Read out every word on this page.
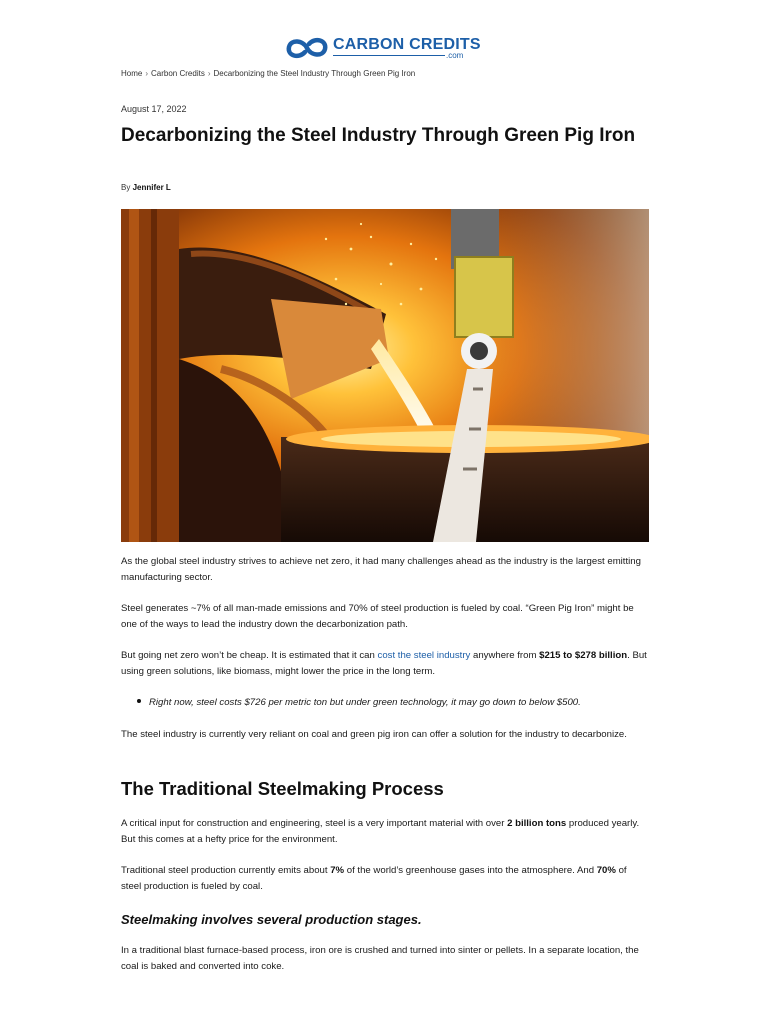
CARBON CREDITS
.com
Home › Carbon Credits › Decarbonizing the Steel Industry Through Green Pig Iron
August 17, 2022
Decarbonizing the Steel Industry Through Green Pig Iron
By Jennifer L

As the global steel industry strives to achieve net zero, it had many challenges ahead as the industry is the largest emitting manufacturing sector.

Steel generates ~7% of all man-made emissions and 70% of steel production is fueled by coal. “Green Pig Iron” might be one of the ways to lead the industry down the decarbonization path.

But going net zero won’t be cheap. It is estimated that it can cost the steel industry anywhere from $215 to $278 billion. But using green solutions, like biomass, might lower the price in the long term.

Right now, steel costs $726 per metric ton but under green technology, it may go down to below $500.

The steel industry is currently very reliant on coal and green pig iron can offer a solution for the industry to decarbonize.

The Traditional Steelmaking Process

A critical input for construction and engineering, steel is a very important material with over 2 billion tons produced yearly. But this comes at a hefty price for the environment.

Traditional steel production currently emits about 7% of the world’s greenhouse gases into the atmosphere. And 70% of steel production is fueled by coal.

Steelmaking involves several production stages.

In a traditional blast furnace-based process, iron ore is crushed and turned into sinter or pellets. In a separate location, the coal is baked and converted into coke.
